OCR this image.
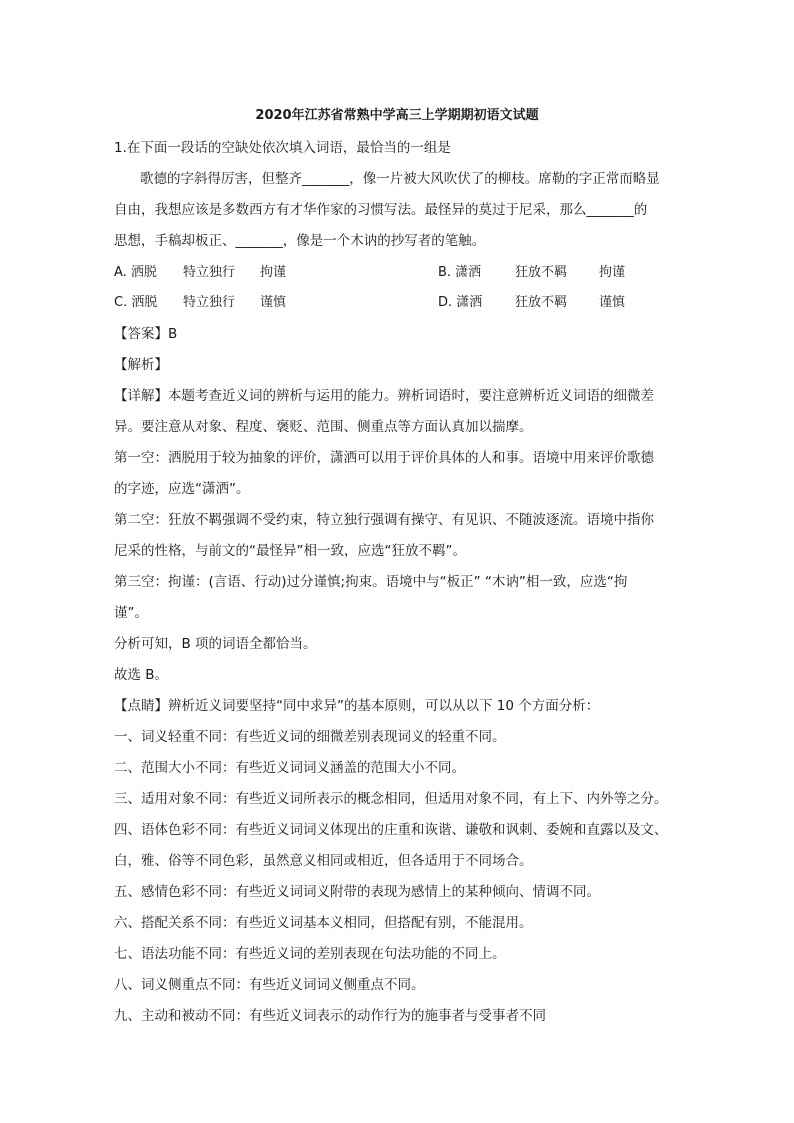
2020年江苏省常熟中学高三上学期期初语文试题
1.在下面一段话的空缺处依次填入词语，最恰当的一组是
歌德的字斜得厉害，但整齐_______，像一片被大风吹伏了的柳枝。席勒的字正常而略显
自由，我想应该是多数西方有才华作家的习惯写法。最怪异的莫过于尼采，那么_______的
思想，手稿却板正、_______，像是一个木讷的抄写者的笔触。
A. 洒脱 特立独行 拘谨	B. 潇洒	狂放不羁 拘谨
C. 洒脱 特立独行 谨慎	D. 潇洒	狂放不羁 谨慎
【答案】B
【解析】
【详解】本题考查近义词的辨析与运用的能力。辨析词语时，要注意辨析近义词语的细微差
异。要注意从对象、程度、褒贬、范围、侧重点等方面认真加以揣摩。
第一空：洒脱用于较为抽象的评价，潇洒可以用于评价具体的人和事。语境中用来评价歌德
的字迹，应选“潇洒”。
第二空：狂放不羁强调不受约束，特立独行强调有操守、有见识、不随波逐流。语境中指你
尼采的性格，与前文的“最怪异”相一致，应选“狂放不羁”。
第三空：拘谨：(言语、行动)过分谨慎;拘束。语境中与“板正” “木讷”相一致，应选“拘
谨”。
分析可知，B 项的词语全都恰当。
故选 B。
【点睛】辨析近义词要坚持“同中求异”的基本原则，可以从以下 10 个方面分析：
一、词义轻重不同：有些近义词的细微差别表现词义的轻重不同。
二、范围大小不同：有些近义词词义涵盖的范围大小不同。
三、适用对象不同：有些近义词所表示的概念相同，但适用对象不同，有上下、内外等之分。
四、语体色彩不同：有些近义词词义体现出的庄重和诙谐、谦敬和讽刺、委婉和直露以及文、
白，雅、俗等不同色彩，虽然意义相同或相近，但各适用于不同场合。
五、感情色彩不同：有些近义词词义附带的表现为感情上的某种倾向、情调不同。
六、搭配关系不同：有些近义词基本义相同，但搭配有别，不能混用。
七、语法功能不同：有些近义词的差别表现在句法功能的不同上。
八、词义侧重点不同：有些近义词词义侧重点不同。
九、主动和被动不同：有些近义词表示的动作行为的施事者与受事者不同
